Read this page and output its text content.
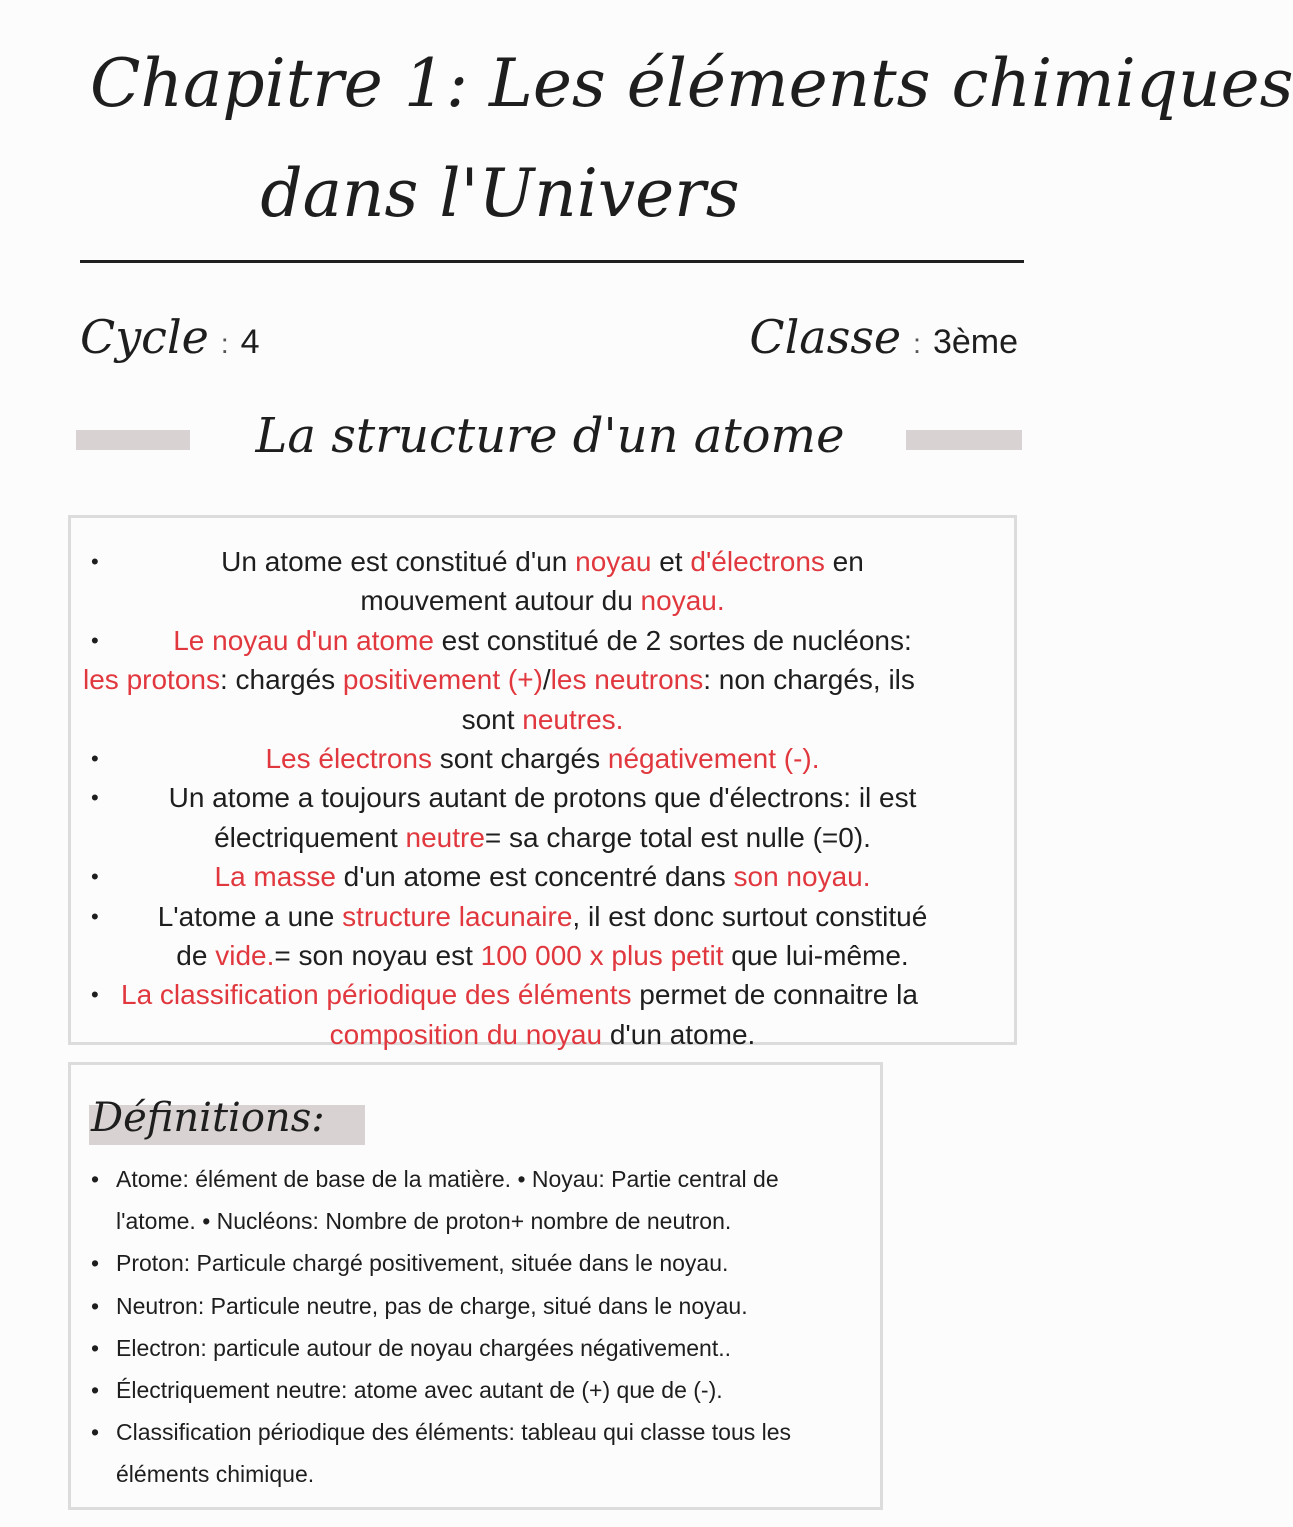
Chapitre 1: Les éléments chimiques
dans l'Univers
Cycle : 4	Classe : 3ème
La structure d'un atome
•	Un atome est constitué d'un noyau et d'électrons en
mouvement autour du noyau.
•	Le noyau d'un atome est constitué de 2 sortes de nucléons:
les protons: chargés positivement (+)/les neutrons: non chargés, ils
sont neutres.
•	Les électrons sont chargés négativement (-).
• Un atome a toujours autant de protons que d'électrons: il est
électriquement neutre= sa charge total est nulle (=0).
•	La masse d'un atome est concentré dans son noyau.
• L'atome a une structure lacunaire, il est donc surtout constitué
de vide.= son noyau est 100 000 x plus petit que lui-même.
• La classification périodique des éléments permet de connaitre la
composition du noyau d'un atome.
Définitions:
• Atome: élément de base de la matière. • Noyau: Partie central de
l'atome. • Nucléons: Nombre de proton+ nombre de neutron.
• Proton: Particule chargé positivement, située dans le noyau.
• Neutron: Particule neutre, pas de charge, situé dans le noyau.
• Electron: particule autour de noyau chargées négativement..
• Électriquement neutre: atome avec autant de (+) que de (-).
• Classification périodique des éléments: tableau qui classe tous les
éléments chimique.
